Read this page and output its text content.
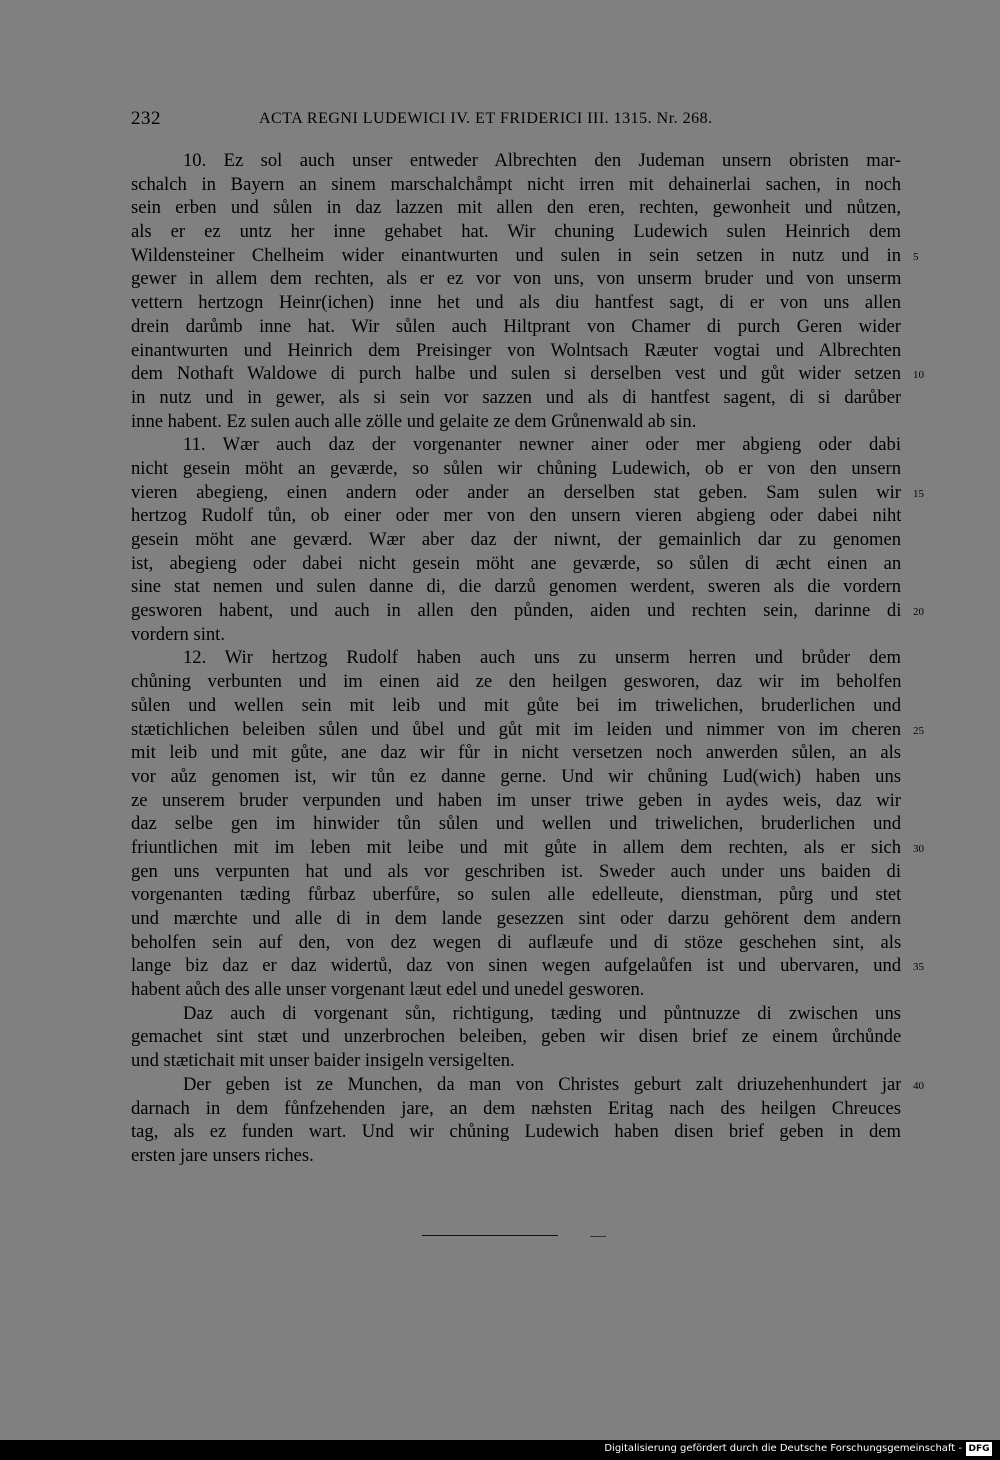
232	ACTA REGNI LUDEWICI IV. ET FRIDERICI III. 1315. Nr. 268.
10. Ez sol auch unser entweder Albrechten den Judeman unsern obristen mar-
schalch in Bayern an sinem marschalchåmpt nicht irren mit dehainerlai sachen, in noch
sein erben und sůlen in daz lazzen mit allen den eren, rechten, gewonheit und nůtzen,
als er ez untz her inne gehabet hat. Wir chuning Ludewich sulen Heinrich dem
Wildensteiner Chelheim wider einantwurten und sulen in sein setzen in nutz und in 5
gewer in allem dem rechten, als er ez vor von uns, von unserm bruder und von unserm
vettern hertzogn Heinr(ichen) inne het und als diu hantfest sagt, di er von uns allen
drein darůmb inne hat. Wir sůlen auch Hiltprant von Chamer di purch Geren wider
einantwurten und Heinrich dem Preisinger von Wolntsach Ræuter vogtai und Albrechten
dem Nothaft Waldowe di purch halbe und sulen si derselben vest und gůt wider setzen 10
in nutz und in gewer, als si sein vor sazzen und als di hantfest sagent, di si darůber
inne habent. Ez sulen auch alle zölle und gelaite ze dem Grůnenwald ab sin.
11. Wær auch daz der vorgenanter newner ainer oder mer abgieng oder dabi
nicht gesein möht an geværde, so sůlen wir chůning Ludewich, ob er von den unsern
vieren abegieng, einen andern oder ander an derselben stat geben. Sam sulen wir 15
hertzog Rudolf tůn, ob einer oder mer von den unsern vieren abgieng oder dabei niht
gesein möht ane geværd. Wær aber daz der niwnt, der gemainlich dar zu genomen
ist, abegieng oder dabei nicht gesein möht ane geværde, so sůlen di æcht einen an
sine stat nemen und sulen danne di, die darzů genomen werdent, sweren als die vordern
gesworen habent, und auch in allen den půnden, aiden und rechten sein, darinne di 20
vordern sint.
12. Wir hertzog Rudolf haben auch uns zu unserm herren und brůder dem
chůning verbunten und im einen aid ze den heilgen gesworen, daz wir im beholfen
sůlen und wellen sein mit leib und mit gůte bei im triwelichen, bruderlichen und
stætichlichen beleiben sůlen und ůbel und gůt mit im leiden und nimmer von im cheren 25
mit leib und mit gůte, ane daz wir fůr in nicht versetzen noch anwerden sůlen, an als
vor aůz genomen ist, wir tůn ez danne gerne. Und wir chůning Lud(wich) haben uns
ze unserem bruder verpunden und haben im unser triwe geben in aydes weis, daz wir
daz selbe gen im hinwider tůn sůlen und wellen und triwelichen, bruderlichen und
friuntlichen mit im leben mit leibe und mit gůte in allem dem rechten, als er sich 30
gen uns verpunten hat und als vor geschriben ist. Sweder auch under uns baiden di
vorgenanten tæding fůrbaz uberfůre, so sulen alle edelleute, dienstman, půrg und stet
und mærchte und alle di in dem lande gesezzen sint oder darzu gehörent dem andern
beholfen sein auf den, von dez wegen di auflæufe und di stöze geschehen sint, als
lange biz daz er daz widertů, daz von sinen wegen aufgelaůfen ist und ubervaren, und 35
habent aůch des alle unser vorgenant læut edel und unedel gesworen.
Daz auch di vorgenant sůn, richtigung, tæding und půntnuzze di zwischen uns
gemachet sint stæt und unzerbrochen beleiben, geben wir disen brief ze einem ůrchůnde
und stætichait mit unser baider insigeln versigelten.
Der geben ist ze Munchen, da man von Christes geburt zalt driuzehenhundert jar 40
darnach in dem fůnfzehenden jare, an dem næhsten Eritag nach des heilgen Chreuces
tag, als ez funden wart. Und wir chůning Ludewich haben disen brief geben in dem
ersten jare unsers riches.
Digitalisierung gefördert durch die Deutsche Forschungsgemeinschaft - DFG
